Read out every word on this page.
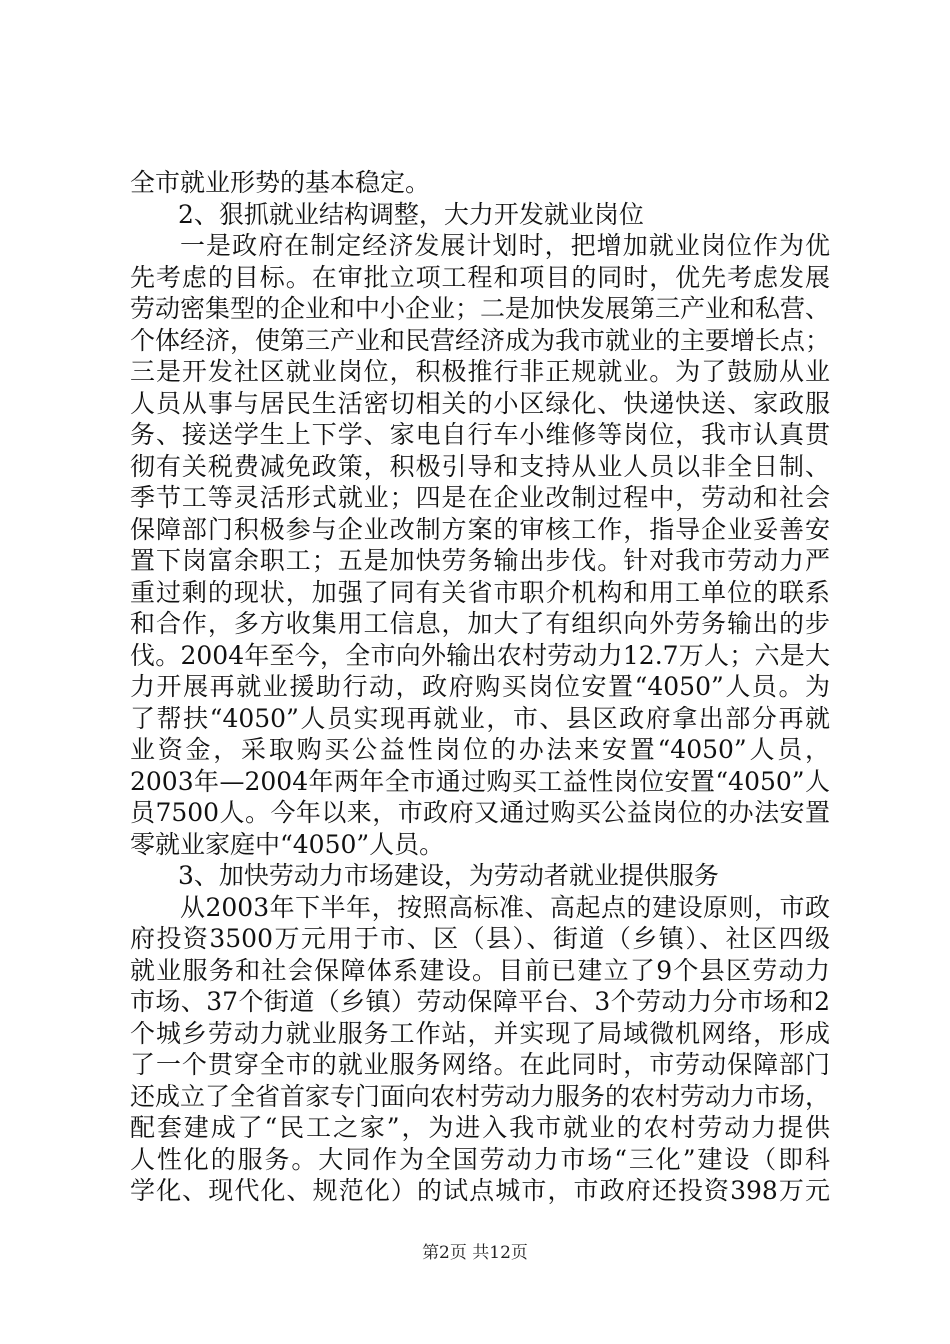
全市就业形势的基本稳定。
2、狠抓就业结构调整，大力开发就业岗位
一是政府在制定经济发展计划时，把增加就业岗位作为优
先考虑的目标。在审批立项工程和项目的同时，优先考虑发展
劳动密集型的企业和中小企业；二是加快发展第三产业和私营、
个体经济，使第三产业和民营经济成为我市就业的主要增长点；
三是开发社区就业岗位，积极推行非正规就业。为了鼓励从业
人员从事与居民生活密切相关的小区绿化、快递快送、家政服
务、接送学生上下学、家电自行车小维修等岗位，我市认真贯
彻有关税费减免政策，积极引导和支持从业人员以非全日制、
季节工等灵活形式就业；四是在企业改制过程中，劳动和社会
保障部门积极参与企业改制方案的审核工作，指导企业妥善安
置下岗富余职工；五是加快劳务输出步伐。针对我市劳动力严
重过剩的现状，加强了同有关省市职介机构和用工单位的联系
和合作，多方收集用工信息，加大了有组织向外劳务输出的步
伐。2004年至今，全市向外输出农村劳动力12.7万人；六是大
力开展再就业援助行动，政府购买岗位安置“4050”人员。为
了帮扶“4050”人员实现再就业，市、县区政府拿出部分再就
业资金，采取购买公益性岗位的办法来安置“4050”人员，
2003年—2004年两年全市通过购买工益性岗位安置“4050”人
员7500人。今年以来，市政府又通过购买公益岗位的办法安置
零就业家庭中“4050”人员。
3、加快劳动力市场建设，为劳动者就业提供服务
从2003年下半年，按照高标准、高起点的建设原则，市政
府投资3500万元用于市、区（县）、街道（乡镇）、社区四级
就业服务和社会保障体系建设。目前已建立了9个县区劳动力
市场、37个街道（乡镇）劳动保障平台、3个劳动力分市场和2
个城乡劳动力就业服务工作站，并实现了局域微机网络，形成
了一个贯穿全市的就业服务网络。在此同时，市劳动保障部门
还成立了全省首家专门面向农村劳动力服务的农村劳动力市场，
配套建成了“民工之家”，为进入我市就业的农村劳动力提供
人性化的服务。大同作为全国劳动力市场“三化”建设（即科
学化、现代化、规范化）的试点城市，市政府还投资398万元
第2页 共12页
